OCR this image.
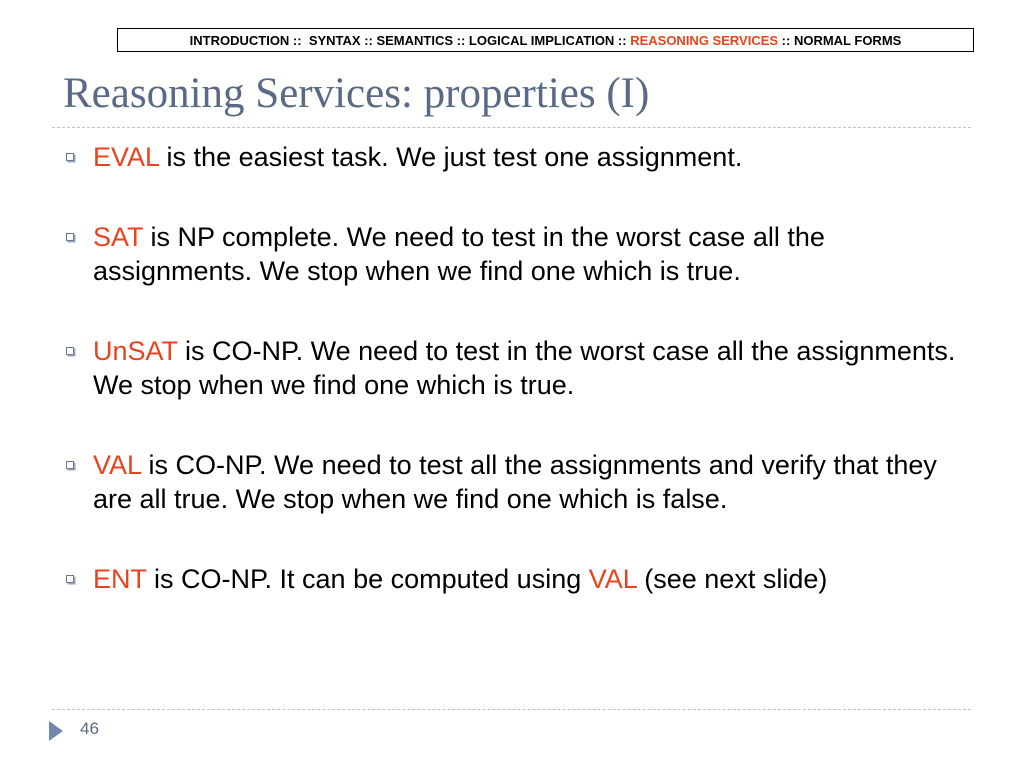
INTRODUCTION :: SYNTAX :: SEMANTICS :: LOGICAL IMPLICATION :: REASONING SERVICES :: NORMAL FORMS
Reasoning Services: properties (I)
EVAL is the easiest task. We just test one assignment.
SAT is NP complete. We need to test in the worst case all the assignments. We stop when we find one which is true.
UnSAT is CO-NP. We need to test in the worst case all the assignments. We stop when we find one which is true.
VAL is CO-NP. We need to test all the assignments and verify that they are all true. We stop when we find one which is false.
ENT is CO-NP. It can be computed using VAL (see next slide)
46
